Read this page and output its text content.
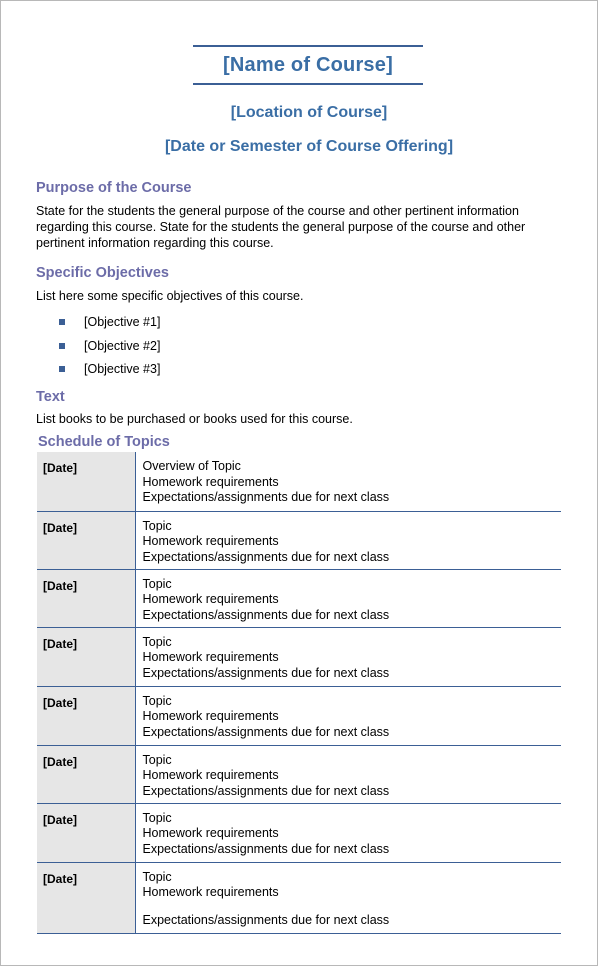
[Name of Course]
[Location of Course]
[Date or Semester of Course Offering]
Purpose of the Course
State for the students the general purpose of the course and other pertinent information
regarding this course. State for the students the general purpose of the course and other
pertinent information regarding this course.
Specific Objectives
List here some specific objectives of this course.
[Objective #1]
[Objective #2]
[Objective #3]
Text
List books to be purchased or books used for this course.
Schedule of Topics
[Date]	Overview of Topic
Homework requirements
Expectations/assignments due for next class

[Date]	Topic
Homework requirements
Expectations/assignments due for next class

[Date]	Topic
Homework requirements
Expectations/assignments due for next class

[Date]	Topic
Homework requirements
Expectations/assignments due for next class

[Date]	Topic
Homework requirements
Expectations/assignments due for next class

[Date]	Topic
Homework requirements
Expectations/assignments due for next class

[Date]	Topic
Homework requirements
Expectations/assignments due for next class

[Date]	Topic
Homework requirements
Expectations/assignments due for next class
